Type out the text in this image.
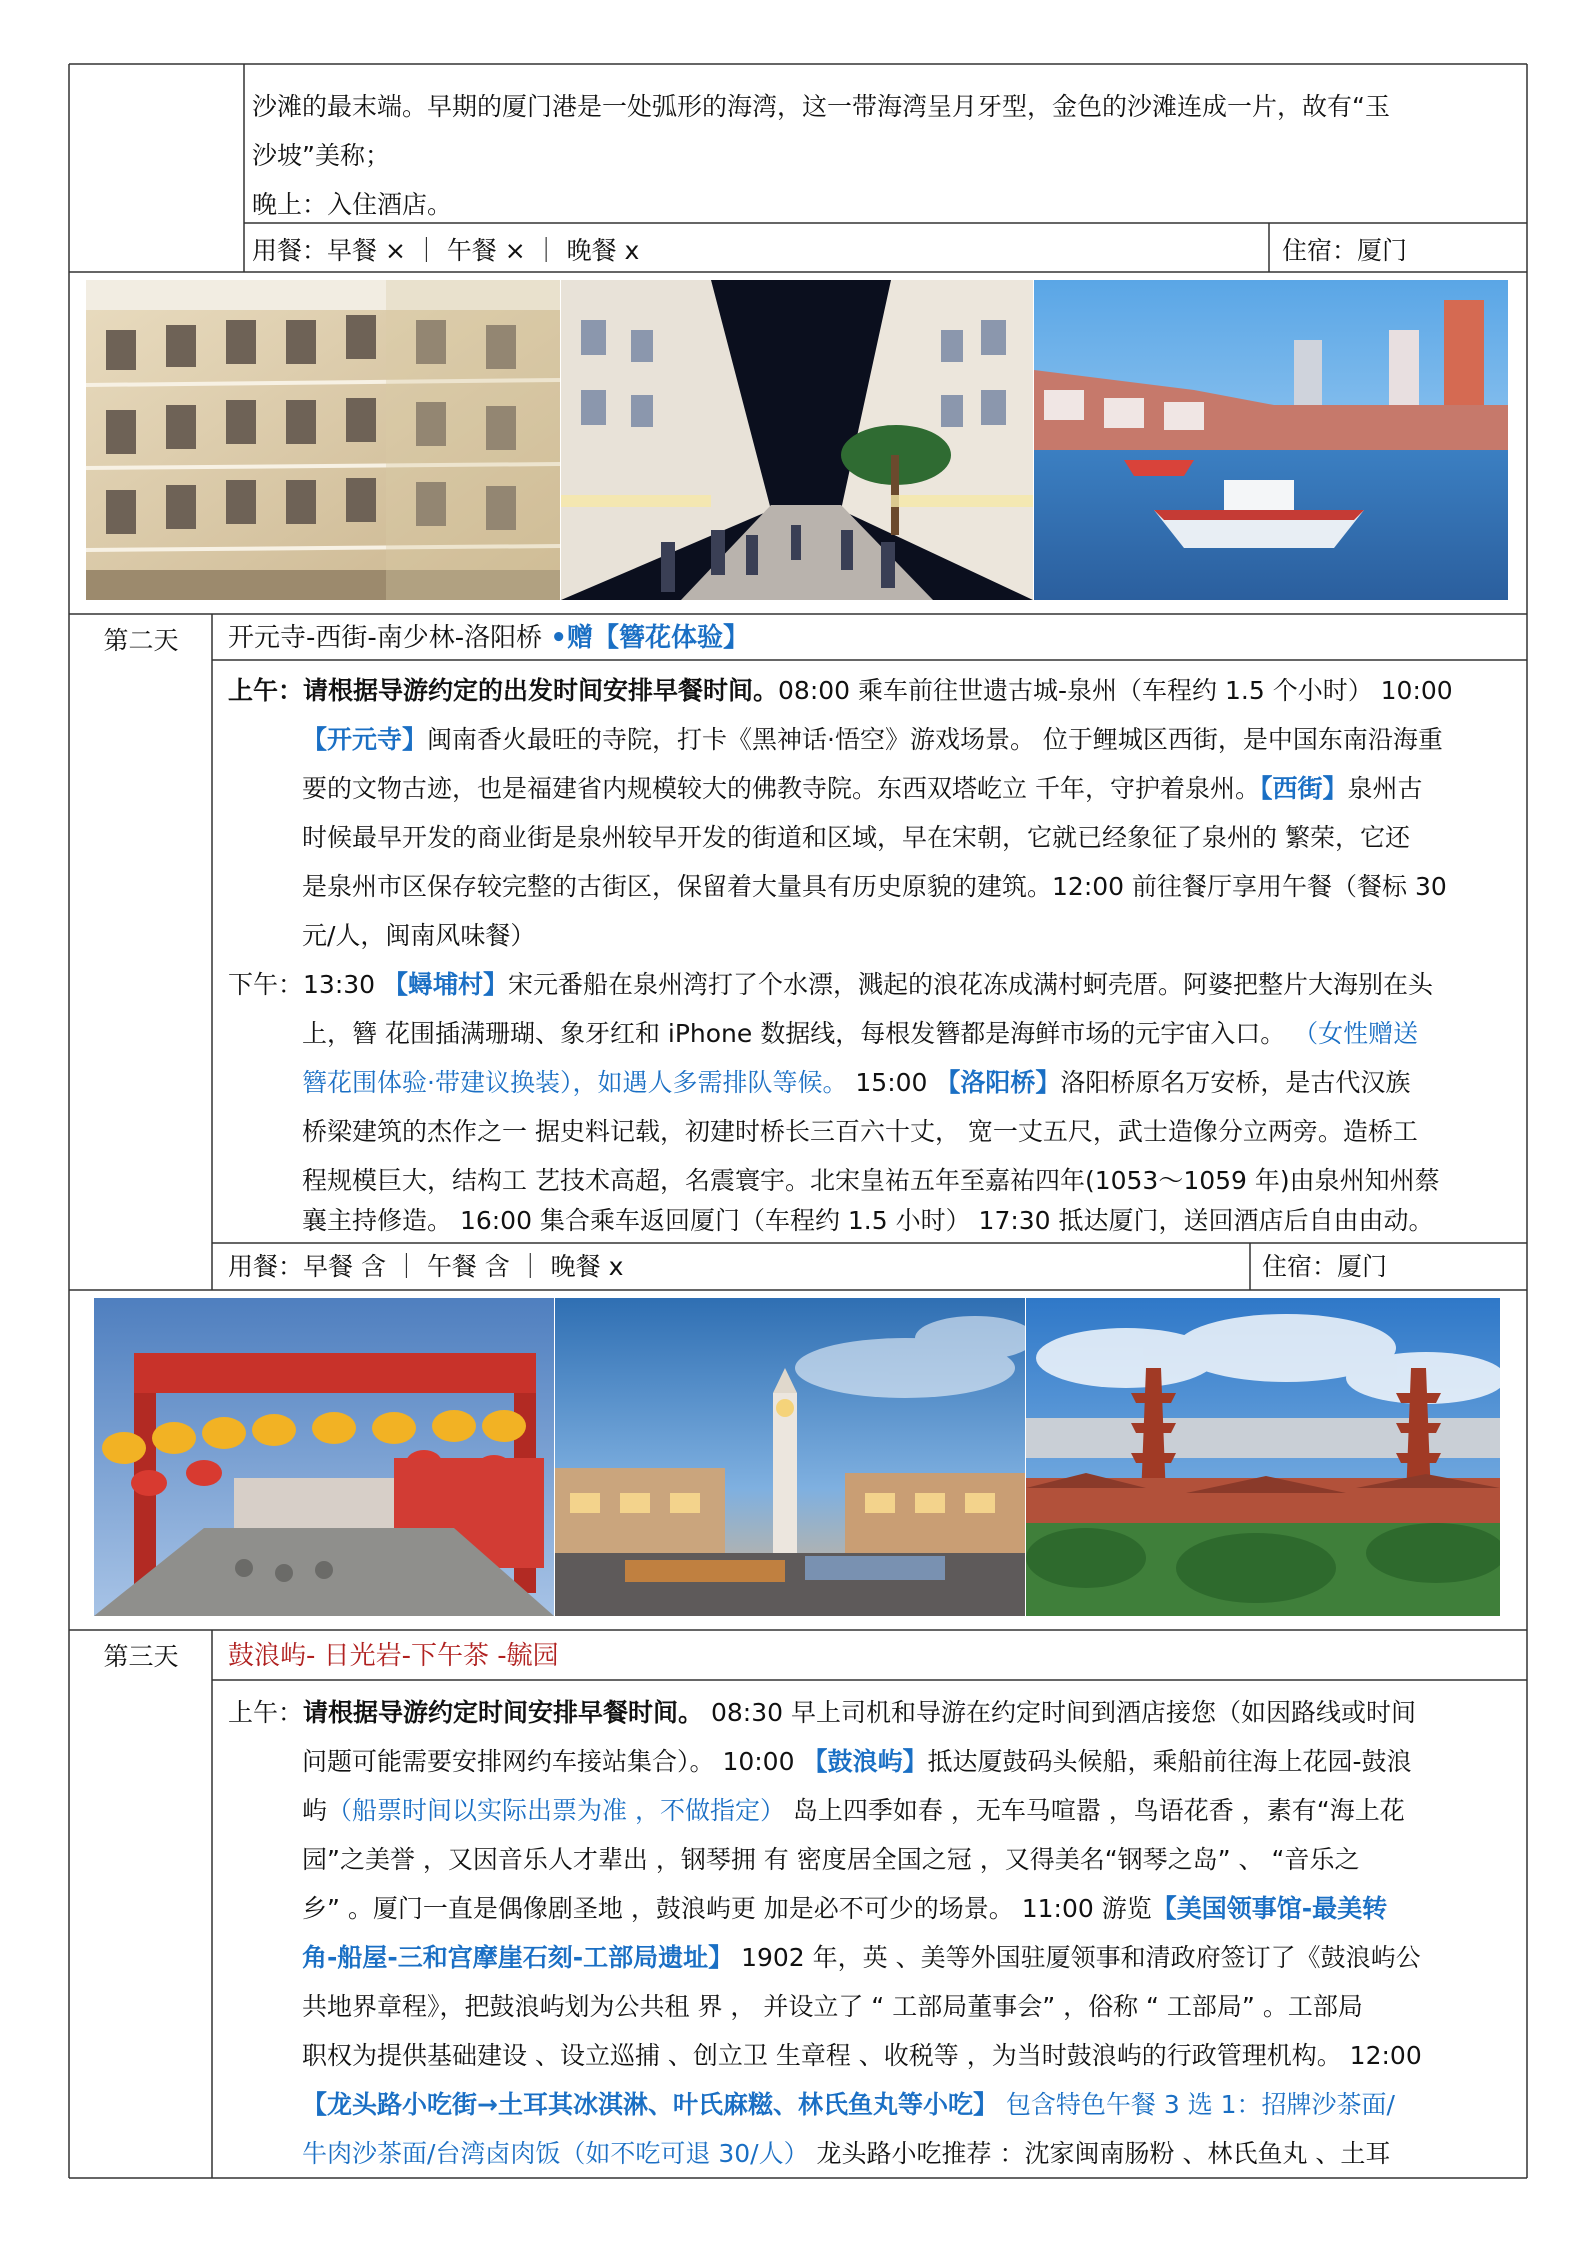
沙滩的最末端。早期的厦门港是一处弧形的海湾，这一带海湾呈月牙型，金色的沙滩连成一片，故有“玉
沙坡”美称；
晚上：入住酒店。
用餐：早餐 × ｜ 午餐 × ｜ 晚餐 x	住宿：厦门
第二天	开元寺-西街-南少林-洛阳桥 •赠【簪花体验】
上午：请根据导游约定的出发时间安排早餐时间。08:00 乘车前往世遗古城-泉州（车程约 1.5 个小时） 10:00
【开元寺】闽南香火最旺的寺院，打卡《黑神话·悟空》游戏场景。 位于鲤城区西街，是中国东南沿海重
要的文物古迹，也是福建省内规模较大的佛教寺院。东西双塔屹立 千年，守护着泉州。【西街】泉州古
时候最早开发的商业街是泉州较早开发的街道和区域，早在宋朝，它就已经象征了泉州的 繁荣，它还
是泉州市区保存较完整的古街区，保留着大量具有历史原貌的建筑。12:00 前往餐厅享用午餐（餐标 30
元/人，闽南风味餐）
下午：13:30 【蟳埔村】宋元番船在泉州湾打了个水漂，溅起的浪花冻成满村蚵壳厝。阿婆把整片大海别在头
上，簪 花围插满珊瑚、象牙红和 iPhone 数据线，每根发簪都是海鲜市场的元宇宙入口。 （女性赠送
簪花围体验·带建议换装），如遇人多需排队等候。 15:00 【洛阳桥】洛阳桥原名万安桥，是古代汉族
桥梁建筑的杰作之一 据史料记载，初建时桥长三百六十丈， 宽一丈五尺，武士造像分立两旁。造桥工
程规模巨大，结构工 艺技术高超，名震寰宇。北宋皇祐五年至嘉祐四年(1053～1059 年)由泉州知州蔡
襄主持修造。 16:00 集合乘车返回厦门（车程约 1.5 小时） 17:30 抵达厦门，送回酒店后自由由动。
用餐：早餐 含 ｜ 午餐 含 ｜ 晚餐 x	住宿：厦门
第三天	鼓浪屿- 日光岩-下午茶 -毓园
上午：请根据导游约定时间安排早餐时间。 08:30 早上司机和导游在约定时间到酒店接您（如因路线或时间
问题可能需要安排网约车接站集合）。 10:00 【鼓浪屿】抵达厦鼓码头候船，乘船前往海上花园-鼓浪
屿（船票时间以实际出票为准 ，不做指定） 岛上四季如春 ，无车马喧嚣 ，鸟语花香 ，素有“海上花
园”之美誉 ，又因音乐人才辈出 ，钢琴拥 有 密度居全国之冠 ，又得美名“钢琴之岛” 、 “音乐之
乡” 。厦门一直是偶像剧圣地 ，鼓浪屿更 加是必不可少的场景。 11:00 游览【美国领事馆-最美转
角-船屋-三和宫摩崖石刻-工部局遗址】 1902 年，英 、美等外国驻厦领事和清政府签订了《鼓浪屿公
共地界章程》，把鼓浪屿划为公共租 界 ， 并设立了 “ 工部局董事会” ，俗称 “ 工部局” 。工部局
职权为提供基础建设 、设立巡捕 、创立卫 生章程 、收税等 ，为当时鼓浪屿的行政管理机构。 12:00
【龙头路小吃街→土耳其冰淇淋、叶氏麻糍、林氏鱼丸等小吃】 包含特色午餐 3 选 1：招牌沙茶面/
牛肉沙茶面/台湾卤肉饭（如不吃可退 30/人） 龙头路小吃推荐 ：沈家闽南肠粉 、林氏鱼丸 、土耳
